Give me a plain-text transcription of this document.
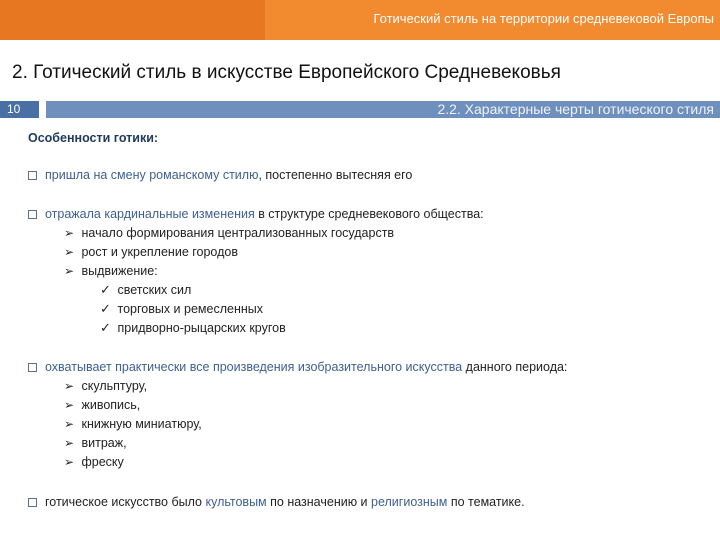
Готический стиль на территории средневековой Европы
2. Готический стиль в искусстве Европейского Средневековья
10	2.2. Характерные черты готического стиля
Особенности готики:
пришла на смену романскому стилю, постепенно вытесняя его
отражала кардинальные изменения в структуре средневекового общества:
➢ начало формирования централизованных государств
➢ рост и укрепление городов
➢ выдвижение:
✓ светских сил
✓ торговых и ремесленных
✓ придворно-рыцарских кругов
охватывает практически все произведения изобразительного искусства данного периода:
➢ скульптуру,
➢ живопись,
➢ книжную миниатюру,
➢ витраж,
➢ фреску
готическое искусство было культовым по назначению и религиозным по тематике.
